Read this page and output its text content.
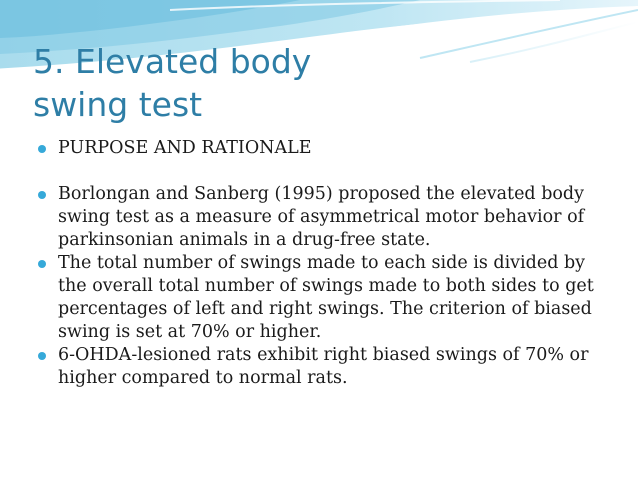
5. Elevated body
swing test
PURPOSE AND RATIONALE
Borlongan and Sanberg (1995) proposed the elevated body swing test as a measure of asymmetrical motor behavior of parkinsonian animals in a drug-free state.
The total number of swings made to each side is divided by the overall total number of swings made to both sides to get percentages of left and right swings. The criterion of biased swing is set at 70% or higher.
6-OHDA-lesioned rats exhibit right biased swings of 70% or higher compared to normal rats.
